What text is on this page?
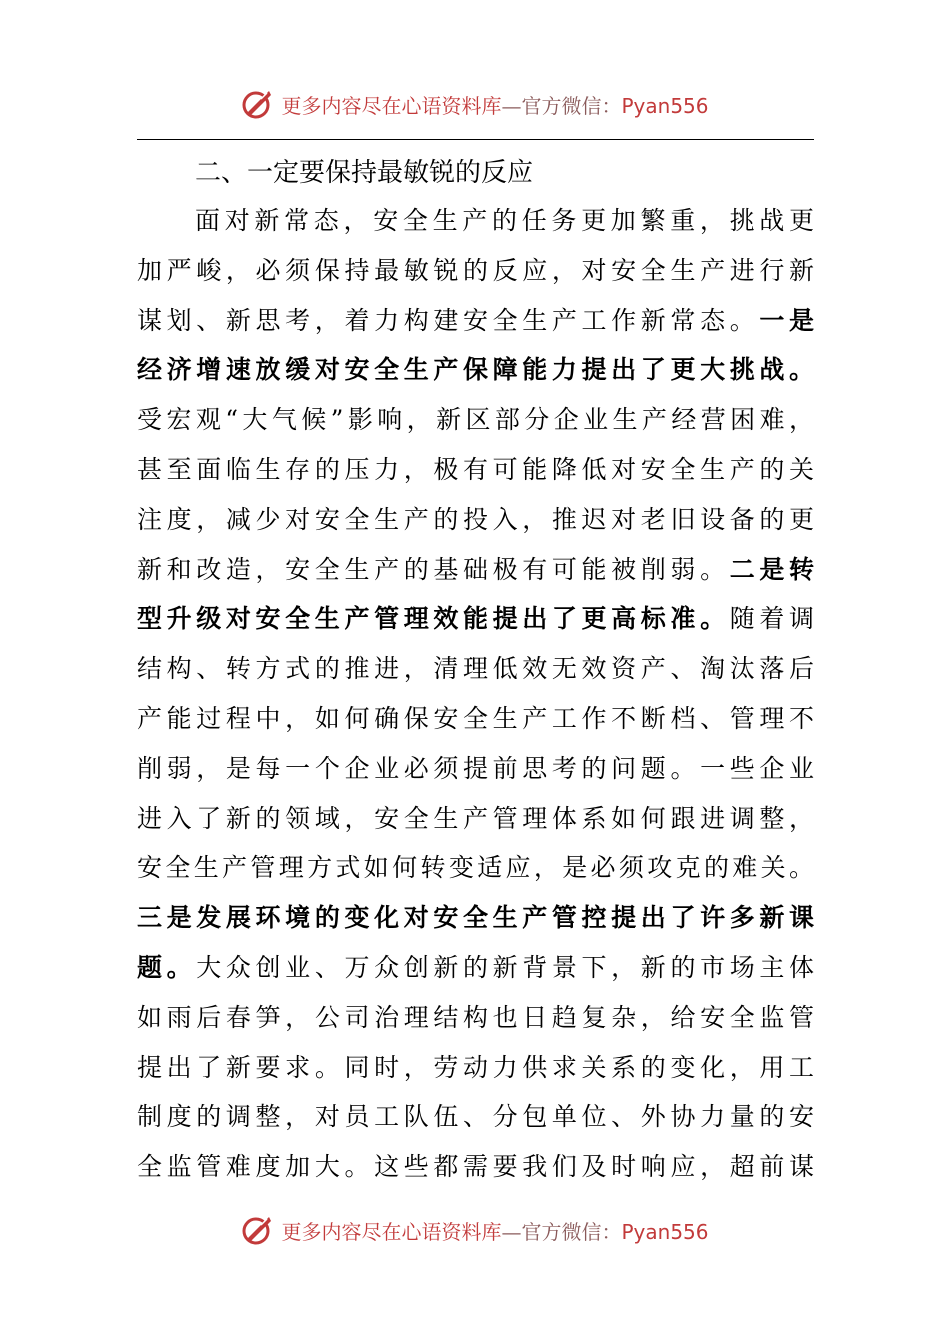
更多内容尽在心语资料库—官方微信：Pyan556
二、一定要保持最敏锐的反应
面对新常态，安全生产的任务更加繁重，挑战更
加严峻，必须保持最敏锐的反应，对安全生产进行新
谋划、新思考，着力构建安全生产工作新常态。一是
经济增速放缓对安全生产保障能力提出了更大挑战。
受宏观“大气候”影响，新区部分企业生产经营困难，
甚至面临生存的压力，极有可能降低对安全生产的关
注度，减少对安全生产的投入，推迟对老旧设备的更
新和改造，安全生产的基础极有可能被削弱。二是转
型升级对安全生产管理效能提出了更高标准。随着调
结构、转方式的推进，清理低效无效资产、淘汰落后
产能过程中，如何确保安全生产工作不断档、管理不
削弱，是每一个企业必须提前思考的问题。一些企业
进入了新的领域，安全生产管理体系如何跟进调整，
安全生产管理方式如何转变适应，是必须攻克的难关。
三是发展环境的变化对安全生产管控提出了许多新课
题。大众创业、万众创新的新背景下，新的市场主体
如雨后春笋，公司治理结构也日趋复杂，给安全监管
提出了新要求。同时，劳动力供求关系的变化，用工
制度的调整，对员工队伍、分包单位、外协力量的安
全监管难度加大。这些都需要我们及时响应，超前谋
更多内容尽在心语资料库—官方微信：Pyan556
